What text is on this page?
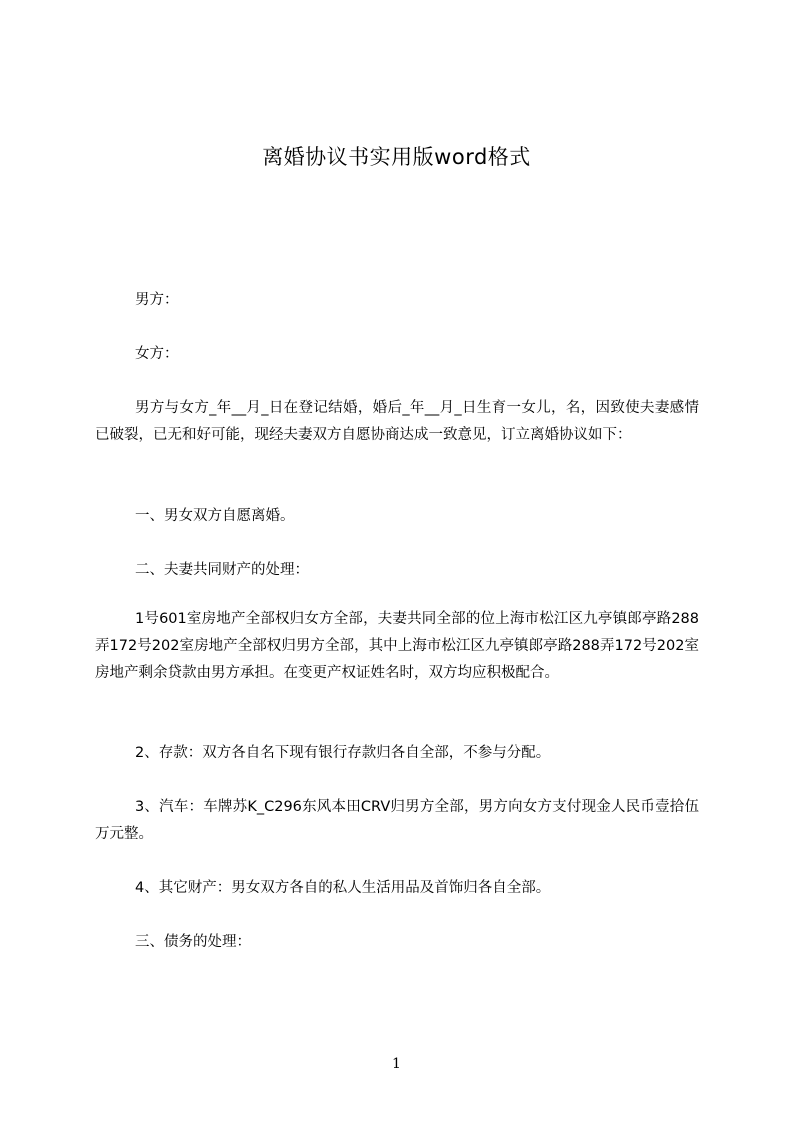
离婚协议书实用版word格式

男方：

女方：

男方与女方_年__月_日在登记结婚，婚后_年__月_日生育一女儿，名，因致使夫妻感情已破裂，已无和好可能，现经夫妻双方自愿协商达成一致意见，订立离婚协议如下：

一、男女双方自愿离婚。

二、夫妻共同财产的处理：

1号601室房地产全部权归女方全部，夫妻共同全部的位上海市松江区九亭镇郎亭路288弄172号202室房地产全部权归男方全部，其中上海市松江区九亭镇郎亭路288弄172号202室房地产剩余贷款由男方承担。在变更产权证姓名时，双方均应积极配合。

2、存款：双方各自名下现有银行存款归各自全部，不参与分配。

3、汽车：车牌苏K_C296东风本田CRV归男方全部，男方向女方支付现金人民币壹拾伍万元整。

4、其它财产：男女双方各自的私人生活用品及首饰归各自全部。

三、债务的处理：

1
